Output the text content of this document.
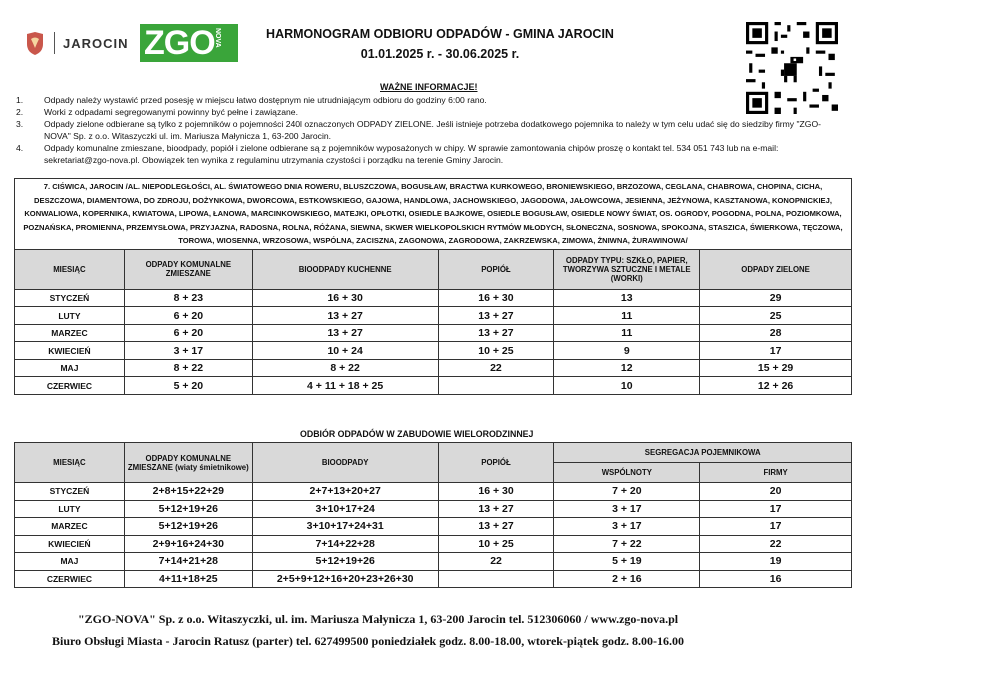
JAROCIN ZGO NOVA	HARMONOGRAM ODBIORU ODPADÓW - GMINA JAROCIN
01.01.2025 r. - 30.06.2025 r.
WAŻNE INFORMACJE!
1.	Odpady należy wystawić przed posesję w miejscu łatwo dostępnym nie utrudniającym odbioru do godziny 6:00 rano.
2.	Worki z odpadami segregowanymi powinny być pełne i zawiązane.
3.	Odpady zielone odbierane są tylko z pojemników o pojemności 240l oznaczonych ODPADY ZIELONE. Jeśli istnieje potrzeba dodatkowego pojemnika to należy w tym celu udać się do siedziby firmy "ZGO-NOVA" Sp. z o.o. Witaszyczki ul. im. Mariusza Małynicza 1, 63-200 Jarocin.
4.	Odpady komunalne zmieszane, bioodpady, popiół i zielone odbierane są z pojemników wyposażonych w chipy. W sprawie zamontowania chipów proszę o kontakt tel. 534 051 743 lub na e-mail: sekretariat@zgo-nova.pl. Obowiązek ten wynika z regulaminu utrzymania czystości i porządku na terenie Gminy Jarocin.
7. CIŚWICA, JAROCIN /AL. NIEPODLEGŁOŚCI, AL. ŚWIATOWEGO DNIA ROWERU, BLUSZCZOWA, BOGUSŁAW, BRACTWA KURKOWEGO, BRONIEWSKIEGO, BRZOZOWA, CEGLANA, CHABROWA, CHOPINA, CICHA, DESZCZOWA, DIAMENTOWA, DO ZDROJU, DOŻYNKOWA, DWORCOWA, ESTKOWSKIEGO, GAJOWA, HANDLOWA, JACHOWSKIEGO, JAGODOWA, JAŁOWCOWA, JESIENNA, JEŻYNOWA, KASZTANOWA, KONOPNICKIEJ, KONWALIOWA, KOPERNIKA, KWIATOWA, LIPOWA, ŁANOWA, MARCINKOWSKIEGO, MATEJKI, OPŁOTKI, OSIEDLE BAJKOWE, OSIEDLE BOGUSŁAW, OSIEDLE NOWY ŚWIAT, OS. OGRODY, POGODNA, POLNA, POZIOMKOWA, POZNAŃSKA, PROMIENNA, PRZEMYSŁOWA, PRZYJAZNA, RADOSNA, ROLNA, RÓŻANA, SIEWNA, SKWER WIELKOPOLSKICH RYTMÓW MŁODYCH, SŁONECZNA, SOSNOWA, SPOKOJNA, STASZICA, ŚWIERKOWA, TĘCZOWA, TOROWA, WIOSENNA, WRZOSOWA, WSPÓLNA, ZACISZNA, ZAGONOWA, ZAGRODOWA, ZAKRZEWSKA, ZIMOWA, ŻNIWNA, ŻURAWINOWA/					
MIESIĄC	ODPADY KOMUNALNE ZMIESZANE	BIOODPADY KUCHENNE	POPIÓŁ	ODPADY TYPU: SZKŁO, PAPIER, TWORZYWA SZTUCZNE I METALE (WORKI)	ODPADY ZIELONE
STYCZEŃ	8 + 23	16 + 30	16 + 30	13	29
LUTY	6 + 20	13 + 27	13 + 27	11	25
MARZEC	6 + 20	13 + 27	13 + 27	11	28
KWIECIEŃ	3 + 17	10 + 24	10 + 25	9	17
MAJ	8 + 22	8 + 22	22	12	15 + 29
CZERWIEC	5 + 20	4 + 11 + 18 + 25		10	12 + 26
ODBIÓR ODPADÓW W ZABUDOWIE WIELORODZINNEJ
MIESIĄC	ODPADY KOMUNALNE ZMIESZANE (wiaty śmietnikowe)	BIOODPADY	POPIÓŁ	SEGREGACJA POJEMNIKOWA	
				WSPÓLNOTY	FIRMY
STYCZEŃ	2+8+15+22+29	2+7+13+20+27	16 + 30	7 + 20	20
LUTY	5+12+19+26	3+10+17+24	13 + 27	3 + 17	17
MARZEC	5+12+19+26	3+10+17+24+31	13 + 27	3 + 17	17
KWIECIEŃ	2+9+16+24+30	7+14+22+28	10 + 25	7 + 22	22
MAJ	7+14+21+28	5+12+19+26	22	5 + 19	19
CZERWIEC	4+11+18+25	2+5+9+12+16+20+23+26+30		2 + 16	16
"ZGO-NOVA" Sp. z o.o. Witaszyczki, ul. im. Mariusza Małynicza 1, 63-200 Jarocin tel. 512306060 / www.zgo-nova.pl
Biuro Obsługi Miasta - Jarocin Ratusz (parter) tel. 627499500 poniedziałek godz. 8.00-18.00, wtorek-piątek godz. 8.00-16.00
